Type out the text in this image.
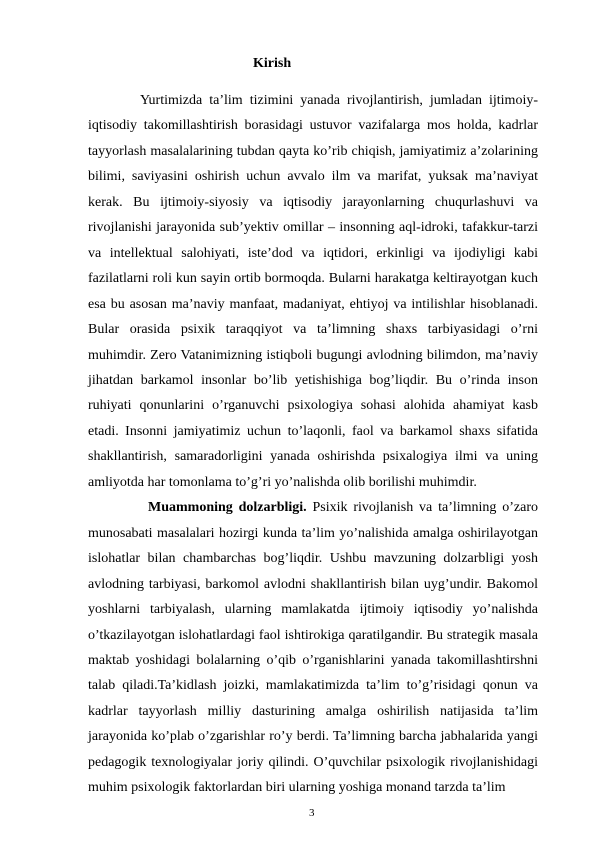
Kirish

Yurtimizda ta’lim tizimini yanada rivojlantirish, jumladan ijtimoiy-iqtisodiy takomillashtirish borasidagi ustuvor vazifalarga mos holda, kadrlar tayyorlash masalalarining tubdan qayta ko’rib chiqish, jamiyatimiz a’zolarining bilimi, saviyasini oshirish uchun avvalo ilm va marifat, yuksak ma’naviyat kerak. Bu ijtimoiy-siyosiy va iqtisodiy jarayonlarning chuqurlashuvi va rivojlanishi jarayonida sub’yektiv omillar – insonning aql-idroki, tafakkur-tarzi va intellektual salohiyati, iste’dod va iqtidori, erkinligi va ijodiyligi kabi fazilatlarni roli kun sayin ortib bormoqda. Bularni harakatga keltirayotgan kuch esa bu asosan ma’naviy manfaat, madaniyat, ehtiyoj va intilishlar hisoblanadi. Bular orasida psixik taraqqiyot va ta’limning shaxs tarbiyasidagi o’rni muhimdir. Zero Vatanimizning istiqboli bugungi avlodning bilimdon, ma’naviy jihatdan barkamol insonlar bo’lib yetishishiga bog’liqdir. Bu o’rinda inson ruhiyati qonunlarini o’rganuvchi psixologiya sohasi alohida ahamiyat kasb etadi. Insonni jamiyatimiz uchun to’laqonli, faol va barkamol shaxs sifatida shakllantirish, samaradorligini yanada oshirishda psixalogiya ilmi va uning amliyotda har tomonlama to’g’ri yo’nalishda olib borilishi muhimdir.

Muammoning dolzarbligi. Psixik rivojlanish va ta’limning o’zaro munosabati masalalari hozirgi kunda ta’lim yo’nalishida amalga oshirilayotgan islohatlar bilan chambarchas bog’liqdir. Ushbu mavzuning dolzarbligi yosh avlodning tarbiyasi, barkomol avlodni shakllantirish bilan uyg’undir. Bakomol yoshlarni tarbiyalash, ularning mamlakatda ijtimoiy iqtisodiy yo’nalishda o’tkazilayotgan islohatlardagi faol ishtirokiga qaratilgandir. Bu strategik masala maktab yoshidagi bolalarning o’qib o’rganishlarini yanada takomillashtirshni talab qiladi.Ta’kidlash joizki, mamlakatimizda ta’lim to’g’risidagi qonun va kadrlar tayyorlash milliy dasturining amalga oshirilish natijasida ta’lim jarayonida ko’plab o’zgarishlar ro’y berdi. Ta’limning barcha jabhalarida yangi pedagogik texnologiyalar joriy qilindi. O’quvchilar psixologik rivojlanishidagi muhim psixologik faktorlardan biri ularning yoshiga monand tarzda ta’lim

3
